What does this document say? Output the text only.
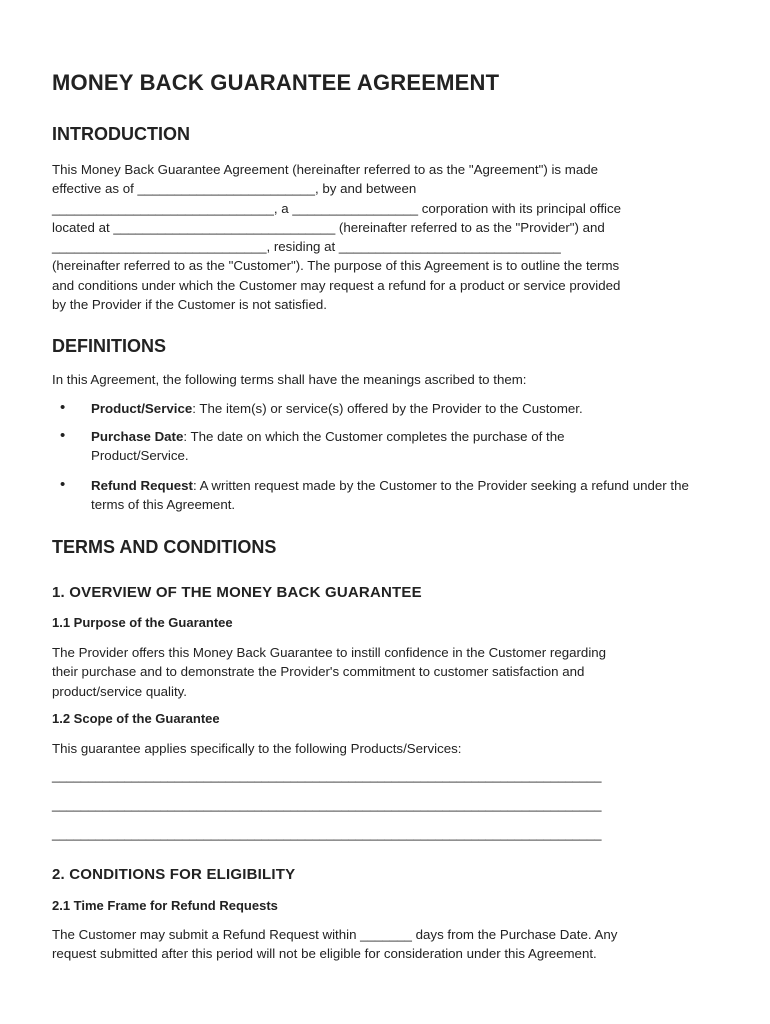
MONEY BACK GUARANTEE AGREEMENT
INTRODUCTION
This Money Back Guarantee Agreement (hereinafter referred to as the "Agreement") is made
effective as of ________________________, by and between
______________________________, a _________________ corporation with its principal office
located at ______________________________ (hereinafter referred to as the "Provider") and
_____________________________, residing at ______________________________
(hereinafter referred to as the "Customer"). The purpose of this Agreement is to outline the terms
and conditions under which the Customer may request a refund for a product or service provided
by the Provider if the Customer is not satisfied.
DEFINITIONS
In this Agreement, the following terms shall have the meanings ascribed to them:
• Product/Service: The item(s) or service(s) offered by the Provider to the Customer.

• Purchase Date: The date on which the Customer completes the purchase of the Product/Service.

• Refund Request: A written request made by the Customer to the Provider seeking a refund under the terms of this Agreement.

TERMS AND CONDITIONS
1. OVERVIEW OF THE MONEY BACK GUARANTEE
1.1 Purpose of the Guarantee
The Provider offers this Money Back Guarantee to instill confidence in the Customer regarding
their purchase and to demonstrate the Provider's commitment to customer satisfaction and
product/service quality.
1.2 Scope of the Guarantee
This guarantee applies specifically to the following Products/Services:
____________________________________________________________________________
____________________________________________________________________________
____________________________________________________________________________
2. CONDITIONS FOR ELIGIBILITY
2.1 Time Frame for Refund Requests
The Customer may submit a Refund Request within _______ days from the Purchase Date. Any
request submitted after this period will not be eligible for consideration under this Agreement.
